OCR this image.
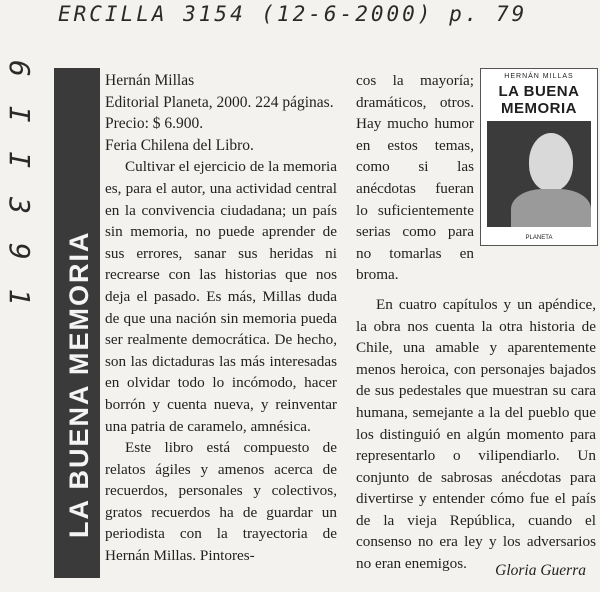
ERCILLA 3154 (12-6-2000) p. 79
6 I I 3 9 1
LA BUENA MEMORIA
Hernán Millas
Editorial Planeta, 2000. 224 páginas.
Precio: $ 6.900.
Feria Chilena del Libro.

Cultivar el ejercicio de la memoria es, para el autor, una actividad central en la convivencia ciudadana; un país sin memoria, no puede aprender de sus errores, sanar sus heridas ni recrearse con las historias que nos deja el pasado. Es más, Millas duda de que una nación sin memoria pueda ser realmente democrática. De hecho, son las dictaduras las más interesadas en olvidar todo lo incómodo, hacer borrón y cuenta nueva, y reinventar una patria de caramelo, amnésica.

Este libro está compuesto de relatos ágiles y amenos acerca de recuerdos, personales y colectivos, gratos recuerdos ha de guardar un periodista con la trayectoria de Hernán Millas. Pintores-

cos la mayoría; dramáticos, otros. Hay mucho humor en estos temas, como si las anécdotas fueran lo suficientemente serias como para no tomarlas en broma.

En cuatro capítulos y un apéndice, la obra nos cuenta la otra historia de Chile, una amable y aparentemente menos heroica, con personajes bajados de sus pedestales que muestran su cara humana, semejante a la del pueblo que los distinguió en algún momento para representarlo o vilipendiarlo. Un conjunto de sabrosas anécdotas para divertirse y entender cómo fue el país de la vieja República, cuando el consenso no era ley y los adversarios no eran enemigos.

HERNÁN MILLAS
LA BUENA MEMORIA
PLANETA
Gloria Guerra
